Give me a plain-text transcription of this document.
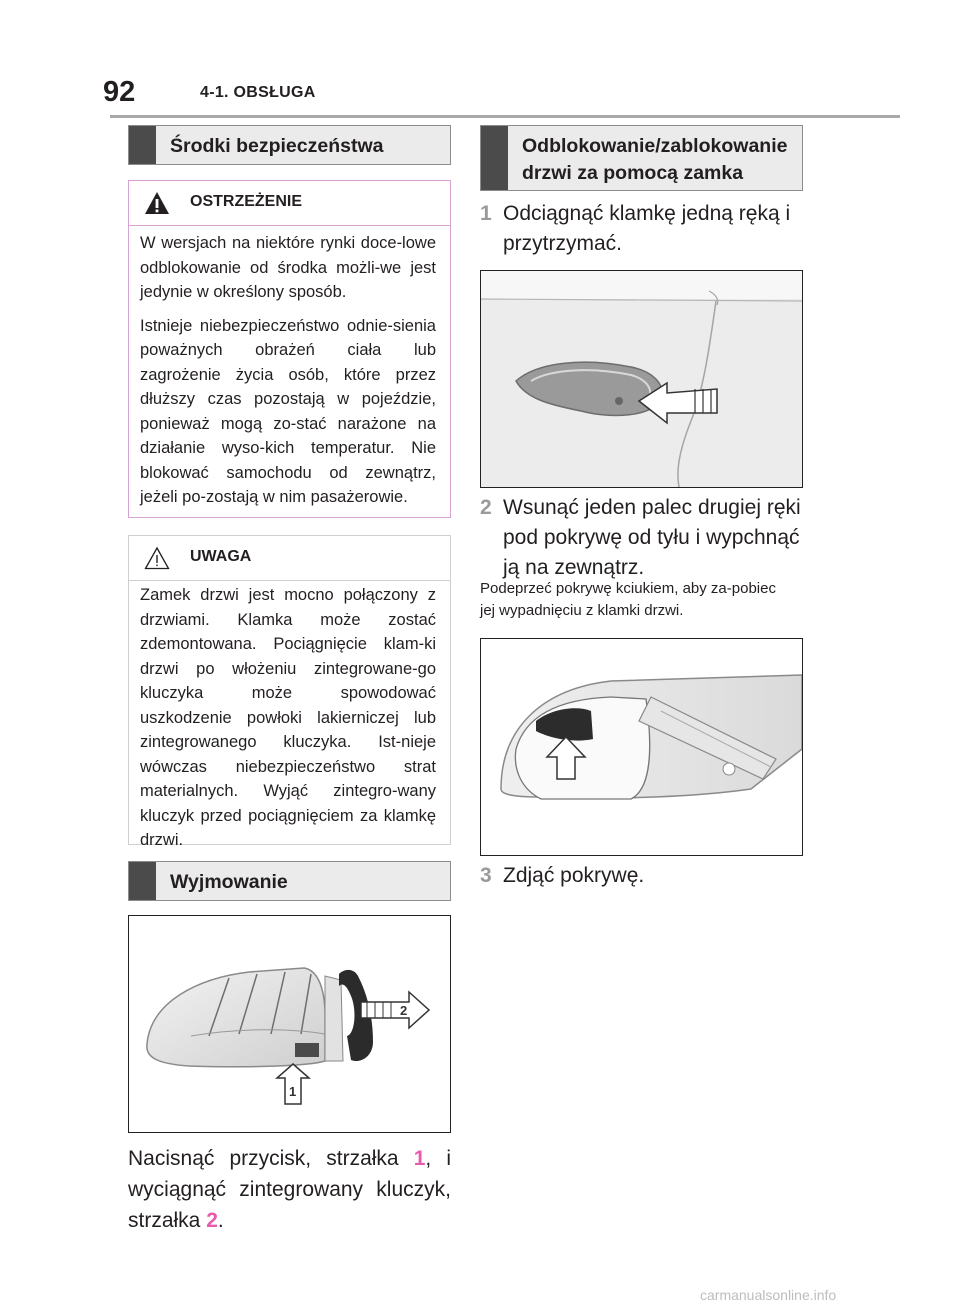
92	4-1. OBSŁUGA
Środki bezpieczeństwa
OSTRZEŻENIE

W wersjach na niektóre rynki doce-lowe odblokowanie od środka możli-we jest jedynie w określony sposób.

Istnieje niebezpieczeństwo odnie-sienia poważnych obrażeń ciała lub zagrożenie życia osób, które przez dłuższy czas pozostają w pojeździe, ponieważ mogą zo-stać narażone na działanie wyso-kich temperatur. Nie blokować samochodu od zewnątrz, jeżeli po-zostają w nim pasażerowie.

UWAGA

Zamek drzwi jest mocno połączony z drzwiami. Klamka może zostać zdemontowana. Pociągnięcie klam-ki drzwi po włożeniu zintegrowane-go kluczyka może spowodować uszkodzenie powłoki lakierniczej lub zintegrowanego kluczyka. Ist-nieje wówczas niebezpieczeństwo strat materialnych. Wyjąć zintegro-wany kluczyk przed pociągnięciem za klamkę drzwi.

Wyjmowanie
2
1
Nacisnąć przycisk, strzałka 1, i wyciągnąć zintegrowany kluczyk, strzałka 2.
Odblokowanie/zablokowanie
drzwi za pomocą zamka
1 Odciągnąć klamkę jedną ręką i przytrzymać.
2 Wsunąć jeden palec drugiej ręki pod pokrywę od tyłu i wypchnąć ją na zewnątrz.
Podeprzeć pokrywę kciukiem, aby za-pobiec jej wypadnięciu z klamki drzwi.
3 Zdjąć pokrywę.
carmanualsonline.info
